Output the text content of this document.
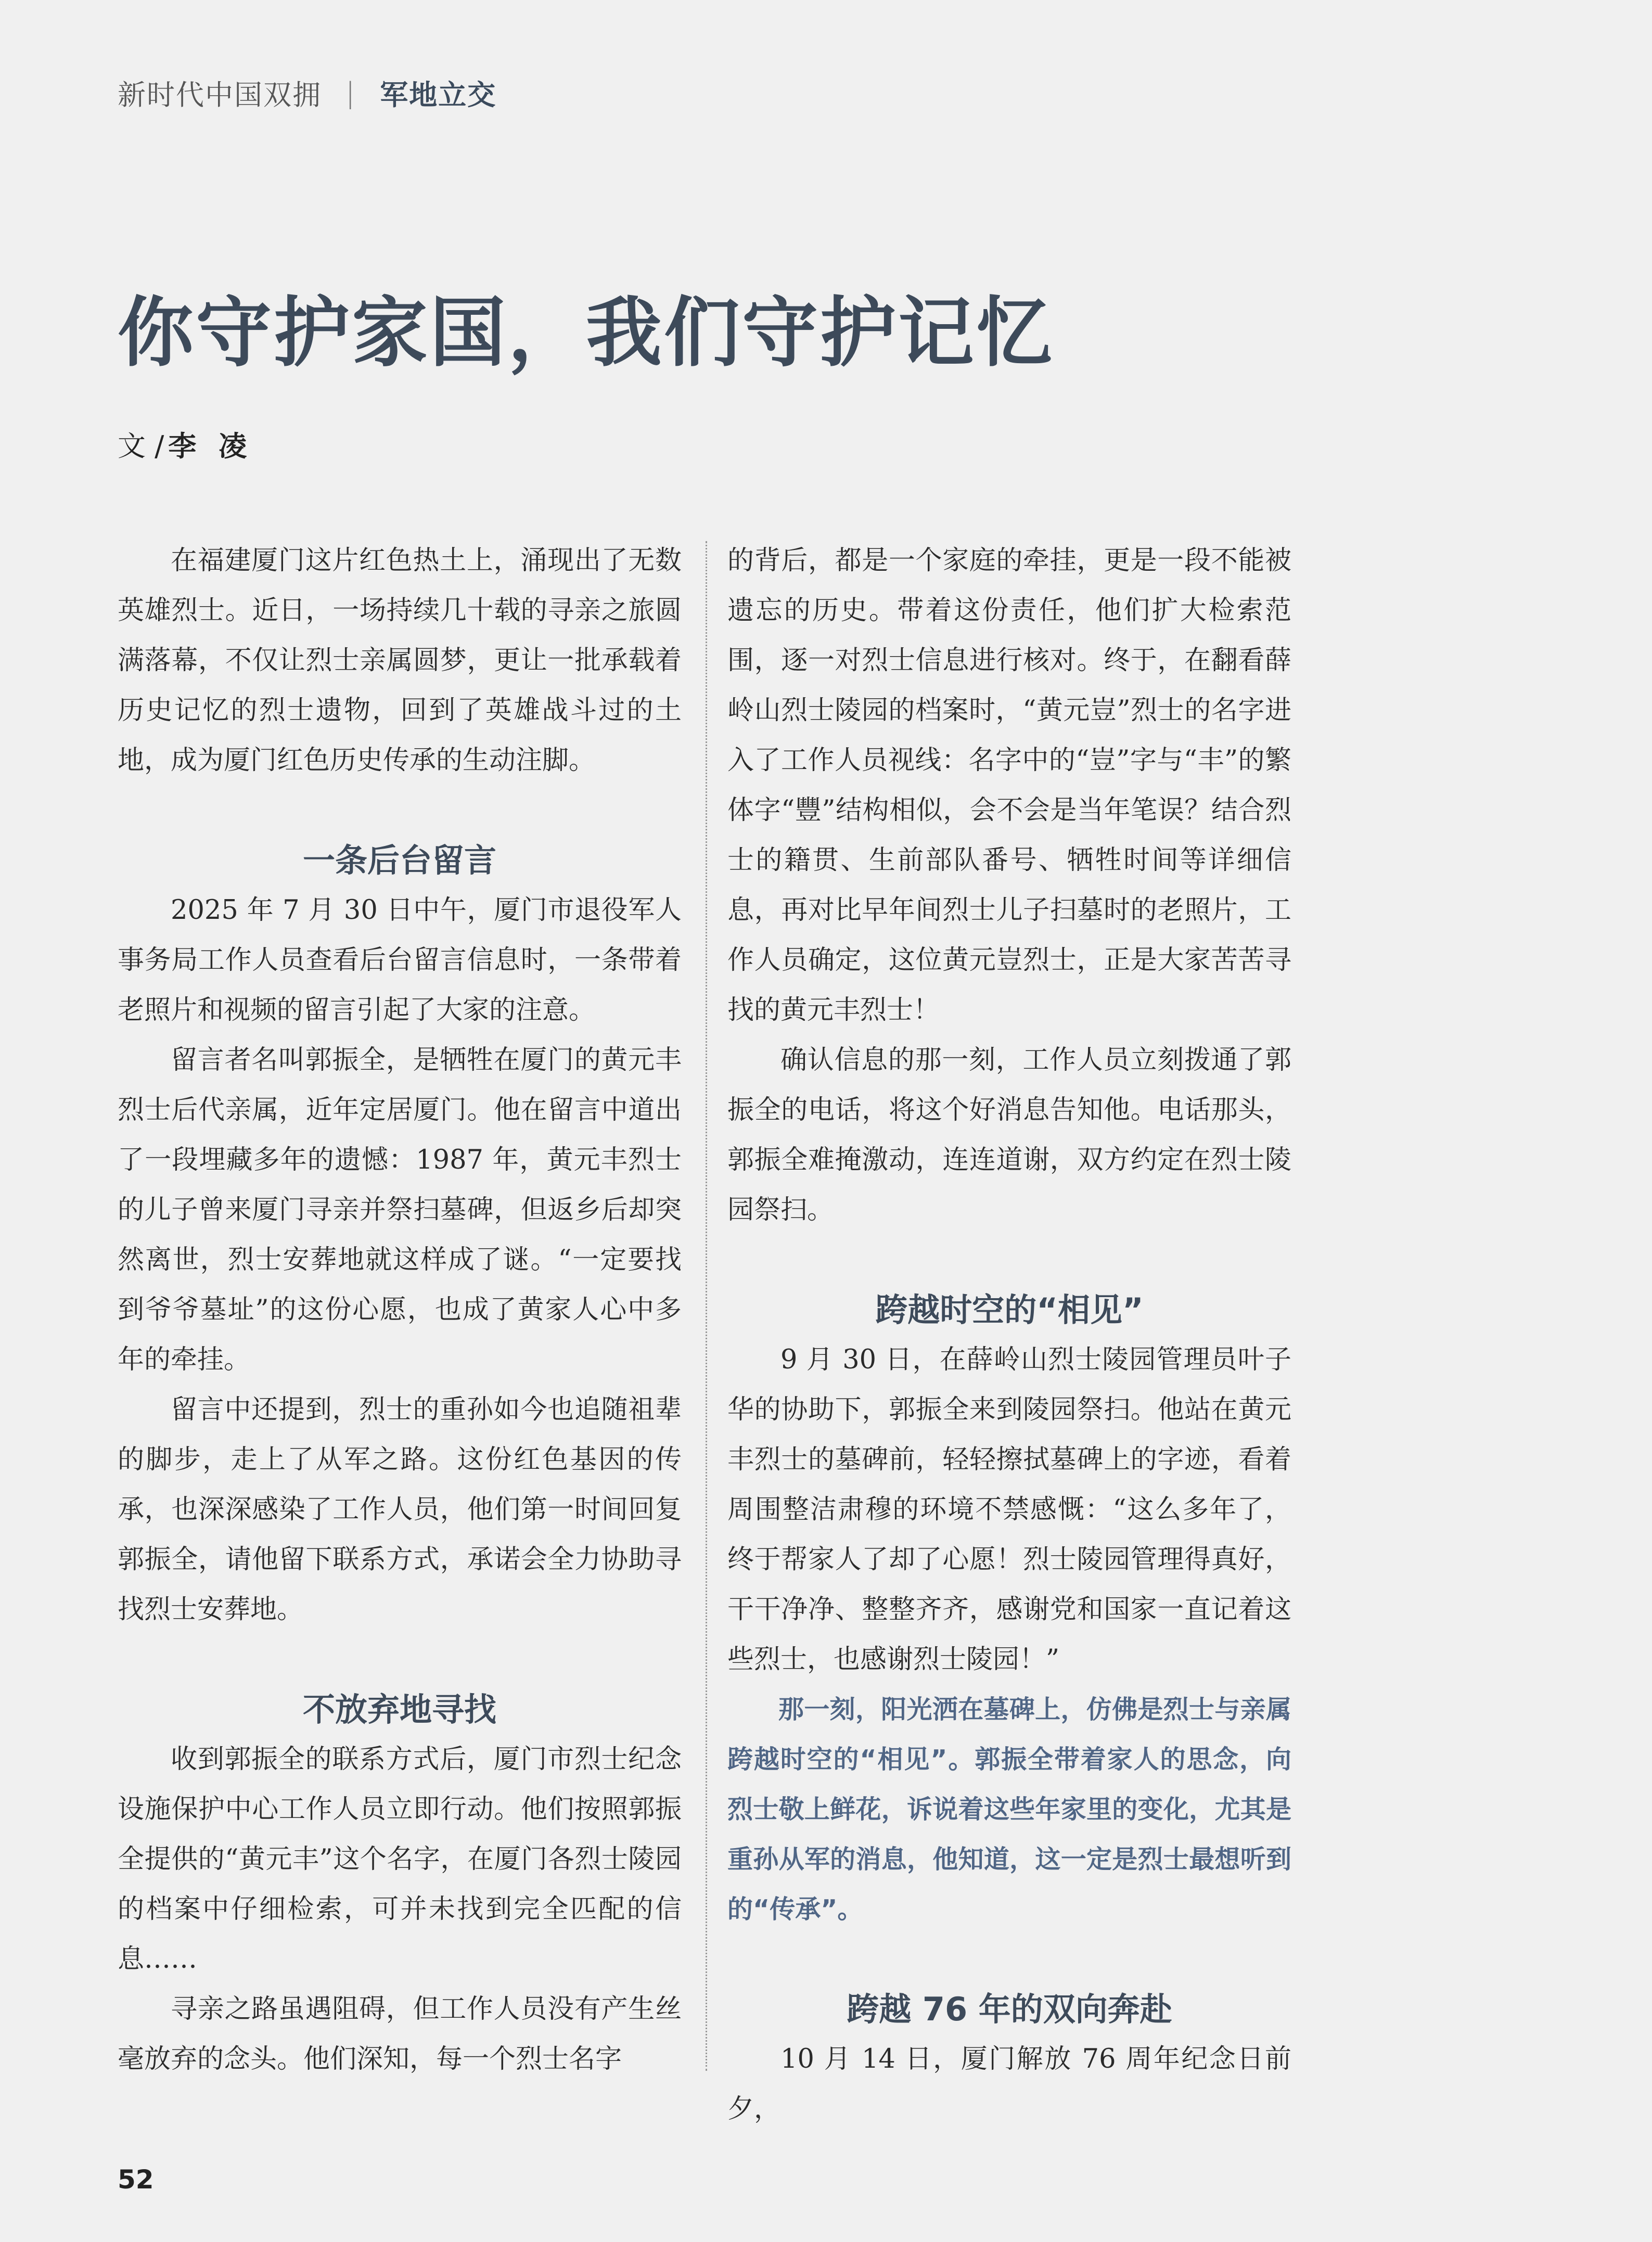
新时代中国双拥 | 军地立交
你守护家国，我们守护记忆
文 / 李 凌

在福建厦门这片红色热土上，涌现出了无数英雄烈士。近日，一场持续几十载的寻亲之旅圆满落幕，不仅让烈士亲属圆梦，更让一批承载着历史记忆的烈士遗物，回到了英雄战斗过的土地，成为厦门红色历史传承的生动注脚。

一条后台留言

2025 年 7 月 30 日中午，厦门市退役军人事务局工作人员查看后台留言信息时，一条带着老照片和视频的留言引起了大家的注意。

留言者名叫郭振全，是牺牲在厦门的黄元丰烈士后代亲属，近年定居厦门。他在留言中道出了一段埋藏多年的遗憾：1987 年，黄元丰烈士的儿子曾来厦门寻亲并祭扫墓碑，但返乡后却突然离世，烈士安葬地就这样成了谜。“一定要找到爷爷墓址”的这份心愿，也成了黄家人心中多年的牵挂。

留言中还提到，烈士的重孙如今也追随祖辈的脚步，走上了从军之路。这份红色基因的传承，也深深感染了工作人员，他们第一时间回复郭振全，请他留下联系方式，承诺会全力协助寻找烈士安葬地。

不放弃地寻找

收到郭振全的联系方式后，厦门市烈士纪念设施保护中心工作人员立即行动。他们按照郭振全提供的“黄元丰”这个名字，在厦门各烈士陵园的档案中仔细检索，可并未找到完全匹配的信息……

寻亲之路虽遇阻碍，但工作人员没有产生丝毫放弃的念头。他们深知，每一个烈士名字

的背后，都是一个家庭的牵挂，更是一段不能被遗忘的历史。带着这份责任，他们扩大检索范围，逐一对烈士信息进行核对。终于，在翻看薛岭山烈士陵园的档案时，“黄元豈”烈士的名字进入了工作人员视线：名字中的“豈”字与“丰”的繁体字“豐”结构相似，会不会是当年笔误？结合烈士的籍贯、生前部队番号、牺牲时间等详细信息，再对比早年间烈士儿子扫墓时的老照片，工作人员确定，这位黄元豈烈士，正是大家苦苦寻找的黄元丰烈士！

确认信息的那一刻，工作人员立刻拨通了郭振全的电话，将这个好消息告知他。电话那头，郭振全难掩激动，连连道谢，双方约定在烈士陵园祭扫。

跨越时空的“相见”

9 月 30 日，在薛岭山烈士陵园管理员叶子华的协助下，郭振全来到陵园祭扫。他站在黄元丰烈士的墓碑前，轻轻擦拭墓碑上的字迹，看着周围整洁肃穆的环境不禁感慨：“这么多年了，终于帮家人了却了心愿！烈士陵园管理得真好，干干净净、整整齐齐，感谢党和国家一直记着这些烈士，也感谢烈士陵园！”

那一刻，阳光洒在墓碑上，仿佛是烈士与亲属跨越时空的“相见”。郭振全带着家人的思念，向烈士敬上鲜花，诉说着这些年家里的变化，尤其是重孙从军的消息，他知道，这一定是烈士最想听到的“传承”。

跨越 76 年的双向奔赴

10 月 14 日，厦门解放 76 周年纪念日前夕，

52
